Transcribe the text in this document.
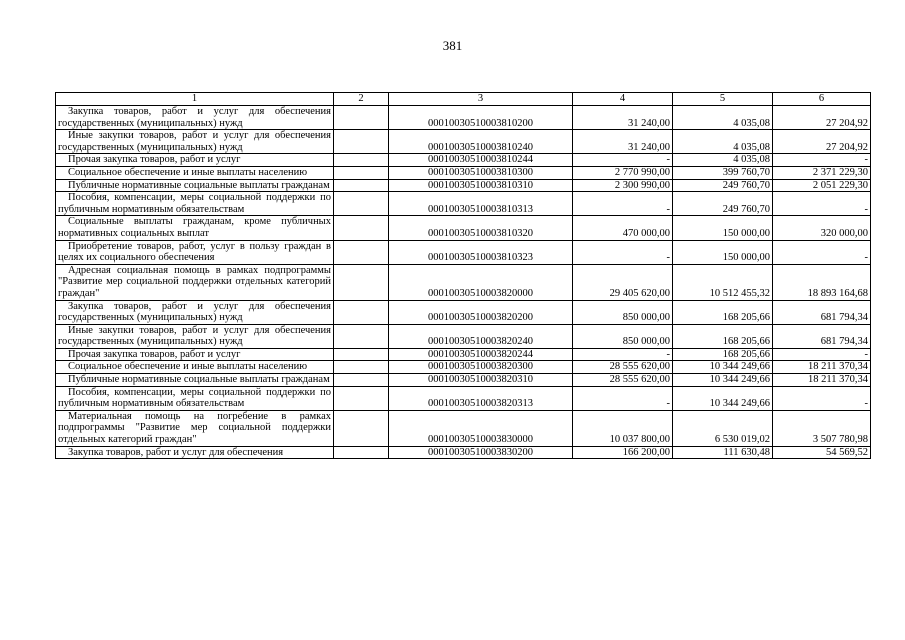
381
1	2	3	4	5	6
Закупка товаров, работ и услуг для обеспечения государственных (муниципальных) нужд		00010030510003810200	31 240,00	4 035,08	27 204,92
Иные закупки товаров, работ и услуг для обеспечения государственных (муниципальных) нужд		00010030510003810240	31 240,00	4 035,08	27 204,92
Прочая закупка товаров, работ и услуг		00010030510003810244	-	4 035,08	-
Социальное обеспечение и иные выплаты населению		00010030510003810300	2 770 990,00	399 760,70	2 371 229,30
Публичные нормативные социальные выплаты гражданам		00010030510003810310	2 300 990,00	249 760,70	2 051 229,30
Пособия, компенсации, меры социальной поддержки по публичным нормативным обязательствам		00010030510003810313	-	249 760,70	-
Социальные выплаты гражданам, кроме публичных нормативных социальных выплат		00010030510003810320	470 000,00	150 000,00	320 000,00
Приобретение товаров, работ, услуг в пользу граждан в целях их социального обеспечения		00010030510003810323	-	150 000,00	-
Адресная социальная помощь в рамках подпрограммы "Развитие мер социальной поддержки отдельных категорий граждан"		00010030510003820000	29 405 620,00	10 512 455,32	18 893 164,68
Закупка товаров, работ и услуг для обеспечения государственных (муниципальных) нужд		00010030510003820200	850 000,00	168 205,66	681 794,34
Иные закупки товаров, работ и услуг для обеспечения государственных (муниципальных) нужд		00010030510003820240	850 000,00	168 205,66	681 794,34
Прочая закупка товаров, работ и услуг		00010030510003820244	-	168 205,66	-
Социальное обеспечение и иные выплаты населению		00010030510003820300	28 555 620,00	10 344 249,66	18 211 370,34
Публичные нормативные социальные выплаты гражданам		00010030510003820310	28 555 620,00	10 344 249,66	18 211 370,34
Пособия, компенсации, меры социальной поддержки по публичным нормативным обязательствам		00010030510003820313	-	10 344 249,66	-
Материальная помощь на погребение в рамках подпрограммы "Развитие мер социальной поддержки отдельных категорий граждан"		00010030510003830000	10 037 800,00	6 530 019,02	3 507 780,98
Закупка товаров, работ и услуг для обеспечения		00010030510003830200	166 200,00	111 630,48	54 569,52
